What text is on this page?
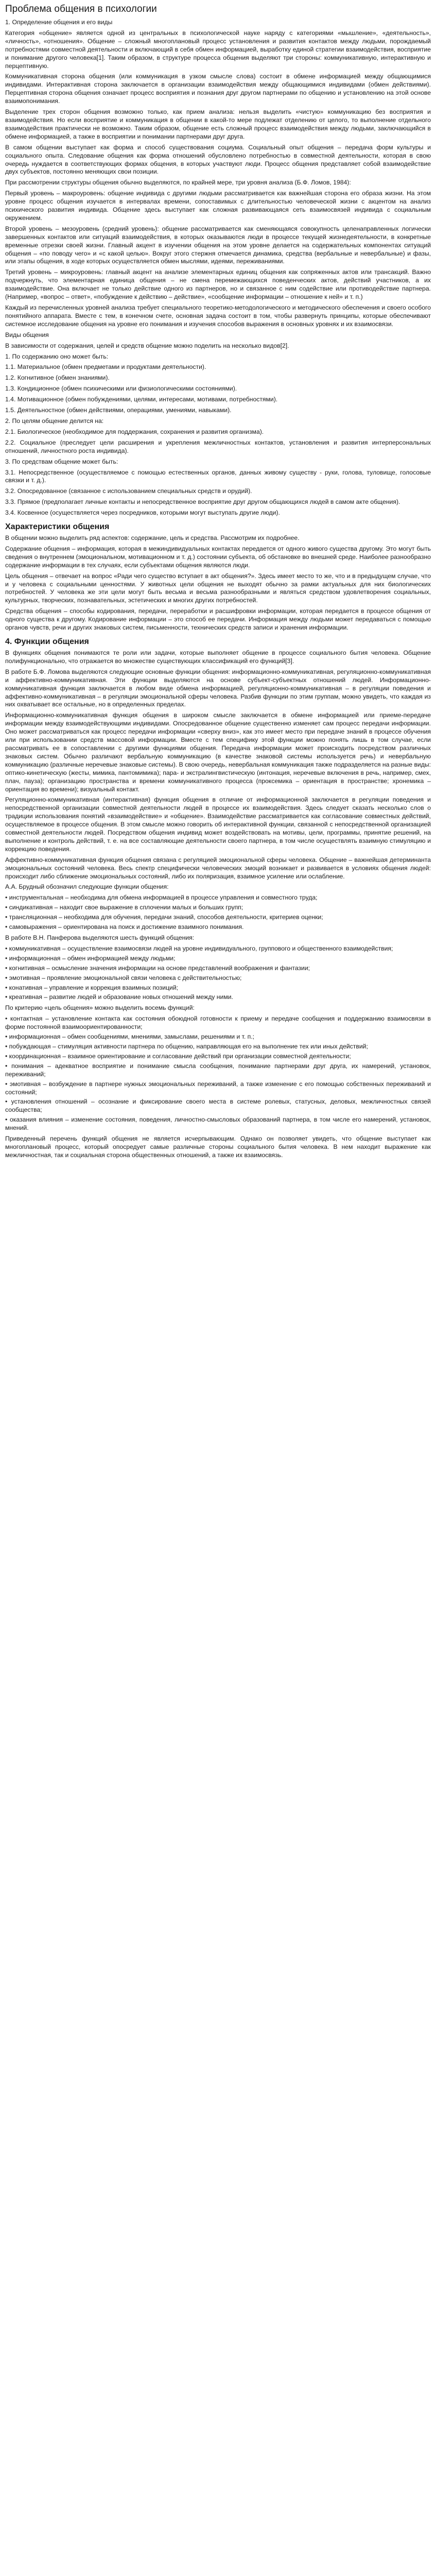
Проблема общения в психологии

1. Определение общения и его виды

Категория «общение» является одной из центральных в психологической науке наряду с категориями «мышление», «деятельность», «личность», «отношения». Общение – сложный многоплановый процесс установления и развития контактов между людьми, порождаемый потребностями совместной деятельности и включающий в себя обмен информацией, выработку единой стратегии взаимодействия, восприятие и понимание другого человека[1]. Таким образом, в структуре процесса общения выделяют три стороны: коммуникативную, интерактивную и перцептивную.

Коммуникативная сторона общения (или коммуникация в узком смысле слова) состоит в обмене информацией между общающимися индивидами. Интерактивная сторона заключается в организации взаимодействия между общающимися индивидами (обмен действиями). Перцептивная сторона общения означает процесс восприятия и познания друг другом партнерами по общению и установлению на этой основе взаимопонимания.

Выделение трех сторон общения возможно только, как прием анализа: нельзя выделить «чистую» коммуникацию без восприятия и взаимодействия. Но если восприятие и коммуникация в общении в какой-то мере подлежат отделению от целого, то выполнение отдельного взаимодействия практически не возможно. Таким образом, общение есть сложный процесс взаимодействия между людьми, заключающийся в обмене информацией, а также в восприятии и понимании партнерами друг друга.

В самом общении выступает как форма и способ существования социума. Социальный опыт общения – передача форм культуры и социального опыта. Следование общения как форма отношений обусловлено потребностью в совместной деятельности, которая в свою очередь нуждается в соответствующих формах общения, в которых участвуют люди. Процесс общения представляет собой взаимодействие двух субъектов, постоянно меняющих свои позиции.

При рассмотрении структуры общения обычно выделяются, по крайней мере, три уровня анализа (Б.Ф. Ломов, 1984):

Первый уровень – макроуровень: общение индивида с другими людьми рассматривается как важнейшая сторона его образа жизни. На этом уровне процесс общения изучается в интервалах времени, сопоставимых с длительностью человеческой жизни с акцентом на анализ психического развития индивида. Общение здесь выступает как сложная развивающаяся сеть взаимосвязей индивида с социальным окружением.

Второй уровень – мезоуровень (средний уровень): общение рассматривается как сменяющаяся совокупность целенаправленных логически завершенных контактов или ситуаций взаимодействия, в которых оказываются люди в процессе текущей жизнедеятельности, в конкретные временные отрезки своей жизни. Главный акцент в изучении общения на этом уровне делается на содержательных компонентах ситуаций общения – «по поводу чего» и «с какой целью». Вокруг этого стержня отмечается динамика, средства (вербальные и невербальные) и фазы, или этапы общения, в ходе которых осуществляется обмен мыслями, идеями, переживаниями.

Третий уровень – микроуровень: главный акцент на анализе элементарных единиц общения как сопряженных актов или трансакций. Важно подчеркнуть, что элементарная единица общения – не смена перемежающихся поведенческих актов, действий участников, а их взаимодействие. Она включает не только действие одного из партнеров, но и связанное с ним содействие или противодействие партнера. (Например, «вопрос – ответ», «побуждение к действию – действие», «сообщение информации – отношение к ней» и т. п.)

Каждый из перечисленных уровней анализа требует специального теоретико-методологического и методического обеспечения и своего особого понятийного аппарата. Вместе с тем, в конечном счете, основная задача состоит в том, чтобы развернуть принципы, которые обеспечивают системное исследование общения на уровне его понимания и изучения способов выражения в основных уровнях и их взаимосвязи.

Виды общения

В зависимости от содержания, целей и средств общение можно поделить на несколько видов[2].

1. По содержанию оно может быть:

1.1. Материальное (обмен предметами и продуктами деятельности).

1.2. Когнитивное (обмен знаниями).

1.3. Кондиционное (обмен психическими или физиологическими состояниями).

1.4. Мотивационное (обмен побуждениями, целями, интересами, мотивами, потребностями).

1.5. Деятельностное (обмен действиями, операциями, умениями, навыками).

2. По целям общение делится на:

2.1. Биологическое (необходимое для поддержания, сохранения и развития организма).

2.2. Социальное (преследует цели расширения и укрепления межличностных контактов, установления и развития интерперсональных отношений, личностного роста индивида).

3. По средствам общение может быть:

3.1. Непосредственное (осуществляемое с помощью естественных органов, данных живому существу - руки, голова, туловище, голосовые связки и т. д.).

3.2. Опосредованное (связанное с использованием специальных средств и орудий).

3.3. Прямое (предполагает личные контакты и непосредственное восприятие друг другом общающихся людей в самом акте общения).

3.4. Косвенное (осуществляется через посредников, которыми могут выступать другие люди).

Характеристики общения

В общении можно выделить ряд аспектов: содержание, цель и средства. Рассмотрим их подробнее.

Содержание общения – информация, которая в межиндивидуальных контактах передается от одного живого существа другому. Это могут быть сведения о внутреннем (эмоциональном, мотивационном и т. д.) состоянии субъекта, об обстановке во внешней среде. Наиболее разнообразно содержание информации в тех случаях, если субъектами общения являются люди.

Цель общения – отвечает на вопрос «Ради чего существо вступает в акт общения?». Здесь имеет место то же, что и в предыдущем случае, что и у человека с социальными ценностями. У животных цели общения не выходят обычно за рамки актуальных для них биологических потребностей. У человека же эти цели могут быть весьма и весьма разнообразными и являться средством удовлетворения социальных, культурных, творческих, познавательных, эстетических и многих других потребностей.

Средства общения – способы кодирования, передачи, переработки и расшифровки информации, которая передается в процессе общения от одного существа к другому. Кодирование информации – это способ ее передачи. Информация между людьми может передаваться с помощью органов чувств, речи и других знаковых систем, письменности, технических средств записи и хранения информации.

4. Функции общения

В функциях общения понимаются те роли или задачи, которые выполняет общение в процессе социального бытия человека. Общение полифункционально, что отражается во множестве существующих классификаций его функций[3].

В работе Б.Ф. Ломова выделяются следующие основные функции общения: информационно-коммуникативная, регуляционно-коммуникативная и аффективно-коммуникативная. Эти функции выделяются на основе субъект-субъектных отношений людей. Информационно-коммуникативная функция заключается в любом виде обмена информацией, регуляционно-коммуникативная – в регуляции поведения и аффективно-коммуникативная – в регуляции эмоциональной сферы человека. Разбив функции по этим группам, можно увидеть, что каждая из них охватывает все остальные, но в определенных пределах.

Информационно-коммуникативная функция общения в широком смысле заключается в обмене информацией или приеме-передаче информации между взаимодействующими индивидами. Опосредованное общение существенно изменяет сам процесс передачи информации. Оно может рассматриваться как процесс передачи информации «сверху вниз», как это имеет место при передаче знаний в процессе обучения или при использовании средств массовой информации. Вместе с тем специфику этой функции можно понять лишь в том случае, если рассматривать ее в сопоставлении с другими функциями общения. Передача информации может происходить посредством различных знаковых систем. Обычно различают вербальную коммуникацию (в качестве знаковой системы используется речь) и невербальную коммуникацию (различные неречевые знаковые системы). В свою очередь, невербальная коммуникация также подразделяется на разные виды: оптико-кинетическую (жесты, мимика, пантомимика); пара- и экстралингвистическую (интонация, неречевые включения в речь, например, смех, плач, пауза); организацию пространства и времени коммуникативного процесса (проксемика – ориентация в пространстве; хронемика – ориентация во времени); визуальный контакт.

Регуляционно-коммуникативная (интерактивная) функция общения в отличие от информационной заключается в регуляции поведения и непосредственной организации совместной деятельности людей в процессе их взаимодействия. Здесь следует сказать несколько слов о традиции использования понятий «взаимодействие» и «общение». Взаимодействие рассматривается как согласование совместных действий, осуществляемое в процессе общения. В этом смысле можно говорить об интерактивной функции, связанной с непосредственной организацией совместной деятельности людей. Посредством общения индивид может воздействовать на мотивы, цели, программы, принятие решений, на выполнение и контроль действий, т. е. на все составляющие деятельности своего партнера, в том числе осуществлять взаимную стимуляцию и коррекцию поведения.

Аффективно-коммуникативная функция общения связана с регуляцией эмоциональной сферы человека. Общение – важнейшая детерминанта эмоциональных состояний человека. Весь спектр специфически человеческих эмоций возникает и развивается в условиях общения людей: происходит либо сближение эмоциональных состояний, либо их поляризация, взаимное усиление или ослабление.

А.А. Брудный обозначил следующие функции общения:

• инструментальная – необходима для обмена информацией в процессе управления и совместного труда;
• синдикативная – находит свое выражение в сплочении малых и больших групп;
• трансляционная – необходима для обучения, передачи знаний, способов деятельности, критериев оценки;
• самовыражения – ориентирована на поиск и достижение взаимного понимания.

В работе В.Н. Панферова выделяются шесть функций общения:

• коммуникативная – осуществление взаимосвязи людей на уровне индивидуального, группового и общественного взаимодействия;
• информационная – обмен информацией между людьми;
• когнитивная – осмысление значения информации на основе представлений воображения и фантазии;
• эмотивная – проявление эмоциональной связи человека с действительностью;
• конативная – управление и коррекция взаимных позиций;
• креативная – развитие людей и образование новых отношений между ними.

По критерию «цель общения» можно выделить восемь функций:

• контактная – установление контакта как состояния обоюдной готовности к приему и передаче сообщения и поддержанию взаимосвязи в форме постоянной взаимоориентированности;
• информационная – обмен сообщениями, мнениями, замыслами, решениями и т. п.;
• побуждающая – стимуляция активности партнера по общению, направляющая его на выполнение тех или иных действий;
• координационная – взаимное ориентирование и согласование действий при организации совместной деятельности;
• понимания – адекватное восприятие и понимание смысла сообщения, понимание партнерами друг друга, их намерений, установок, переживаний;
• эмотивная – возбуждение в партнере нужных эмоциональных переживаний, а также изменение с его помощью собственных переживаний и состояний;
• установления отношений – осознание и фиксирование своего места в системе ролевых, статусных, деловых, межличностных связей сообщества;
• оказания влияния – изменение состояния, поведения, личностно-смысловых образований партнера, в том числе его намерений, установок, мнений.

Приведенный перечень функций общения не является исчерпывающим. Однако он позволяет увидеть, что общение выступает как многоплановый процесс, который опосредует самые различные стороны социального бытия человека. В нем находит выражение как межличностная, так и социальная сторона общественных отношений, а также их взаимосвязь.
